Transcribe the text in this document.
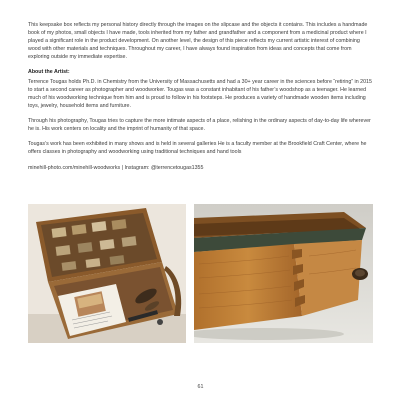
This keepsake box reflects my personal history directly through the images on the slipcase and the objects it contains. This includes a handmade book of my photos, small objects I have made, tools inherited from my father and grandfather and a component from a medicinal product where I played a significant role in the product development. On another level, the design of this piece reflects my current artistic interest of combining wood with other materials and techniques. Throughout my career, I have always found inspiration from ideas and concepts that come from exploring outside my immediate expertise.

About the Artist:

Terrence Tougas holds Ph.D. in Chemistry from the University of Massachusetts and had a 30+ year career in the sciences before “retiring” in 2015 to start a second career as photographer and woodworker. Tougas was a constant inhabitant of his father’s woodshop as a teenager. He learned much of his woodworking technique from him and is proud to follow in his footsteps. He produces a variety of handmade wooden items including toys, jewelry, household items and furniture.

Through his photography, Tougas tries to capture the more intimate aspects of a place, relishing in the ordinary aspects of day-to-day life wherever he is. His work centers on locality and the imprint of humanity of that space.

Tougas’s work has been exhibited in many shows and is held in several galleries He is a faculty member at the Brookfield Craft Center, where he offers classes in photography and woodworking using traditional techniques and hand tools

minehill-photo.com/minehill-woodworks | Instagram: @terrencetougas1355

61
